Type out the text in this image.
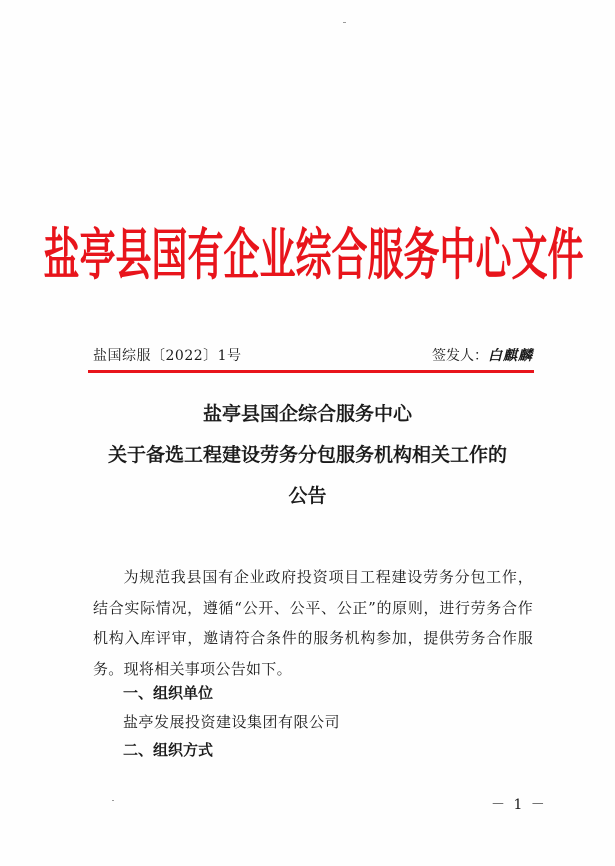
盐亭县国有企业综合服务中心文件
盐国综服〔2022〕1号	签发人：白麒麟
盐亭县国企综合服务中心
关于备选工程建设劳务分包服务机构相关工作的
公告
为规范我县国有企业政府投资项目工程建设劳务分包工作，结合实际情况，遵循“公开、公平、公正”的原则，进行劳务合作机构入库评审，邀请符合条件的服务机构参加，提供劳务合作服务。现将相关事项公告如下。
一、组织单位
盐亭发展投资建设集团有限公司
二、组织方式
－ 1 －
